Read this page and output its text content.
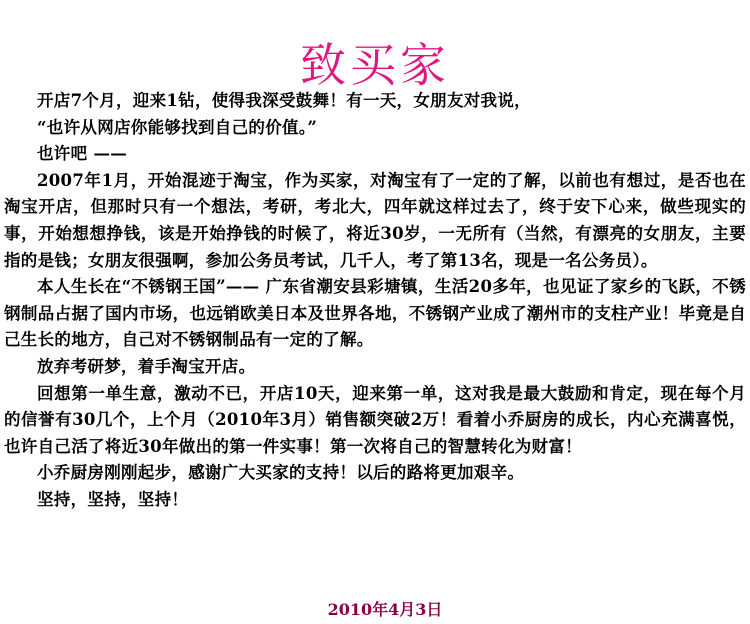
致买家

开店7个月，迎来1钻，使得我深受鼓舞！有一天，女朋友对我说，

“也许从网店你能够找到自己的价值。”

也许吧 ——

2007年1月，开始混迹于淘宝，作为买家，对淘宝有了一定的了解，以前也有想过，是否也在淘宝开店，但那时只有一个想法，考研，考北大，四年就这样过去了，终于安下心来，做些现实的事，开始想想挣钱，该是开始挣钱的时候了，将近30岁，一无所有（当然，有漂亮的女朋友，主要指的是钱；女朋友很强啊，参加公务员考试，几千人，考了第13名，现是一名公务员）。

本人生长在“不锈钢王国”—— 广东省潮安县彩塘镇，生活20多年，也见证了家乡的飞跃，不锈钢制品占据了国内市场，也远销欧美日本及世界各地，不锈钢产业成了潮州市的支柱产业！毕竟是自己生长的地方，自己对不锈钢制品有一定的了解。

放弃考研梦，着手淘宝开店。

回想第一单生意，激动不已，开店10天，迎来第一单，这对我是最大鼓励和肯定，现在每个月的信誉有30几个，上个月（2010年3月）销售额突破2万！看着小乔厨房的成长，内心充满喜悦，也许自己活了将近30年做出的第一件实事！第一次将自己的智慧转化为财富！

小乔厨房刚刚起步，感谢广大买家的支持！以后的路将更加艰辛。

坚持，坚持，坚持！

2010年4月3日
